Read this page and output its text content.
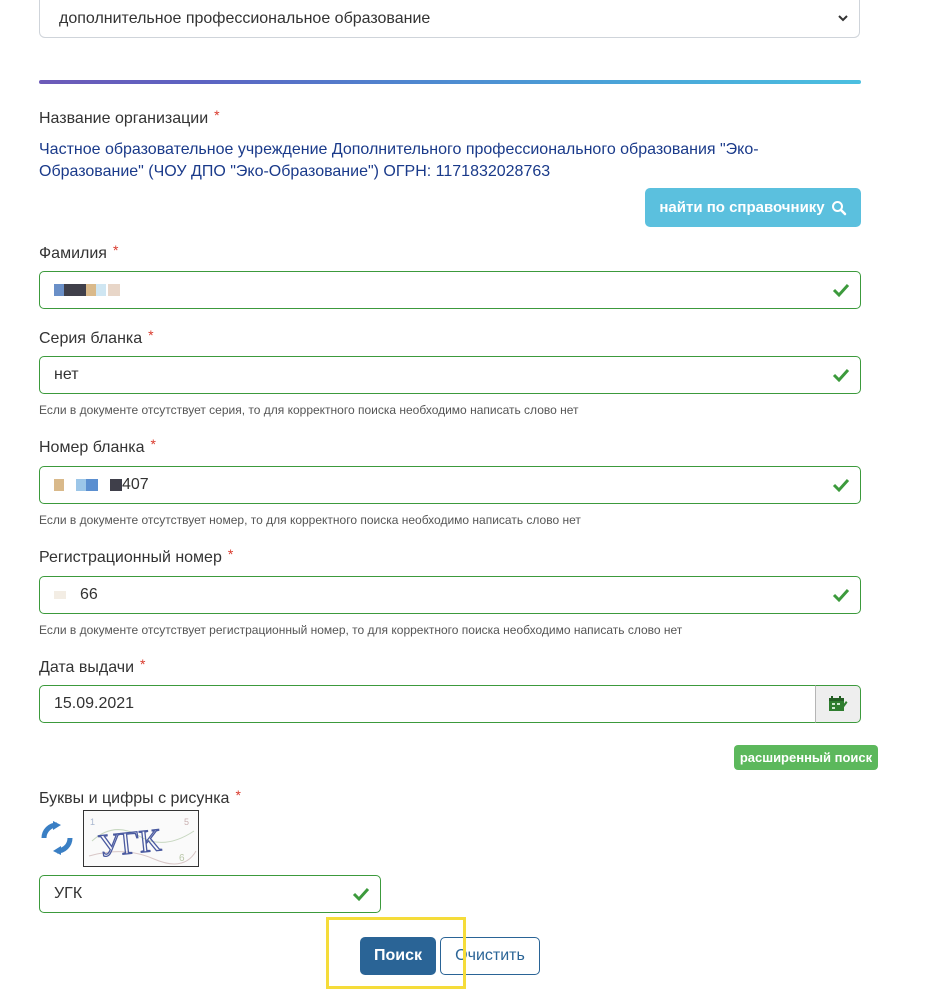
дополнительное профессиональное образование
Название организации *
Частное образовательное учреждение Дополнительного профессионального образования "Эко-Образование" (ЧОУ ДПО "Эко-Образование") ОГРН: 1171832028763
найти по справочнику
Фамилия *
Серия бланка *
нет
Если в документе отсутствует серия, то для корректного поиска необходимо написать слово нет
Номер бланка *
407
Если в документе отсутствует номер, то для корректного поиска необходимо написать слово нет
Регистрационный номер *
66
Если в документе отсутствует регистрационный номер, то для корректного поиска необходимо написать слово нет
Дата выдачи *
15.09.2021
расширенный поиск
Буквы и цифры с рисунка *
1
6
5
УГК
УГК
Поиск	Очистить
